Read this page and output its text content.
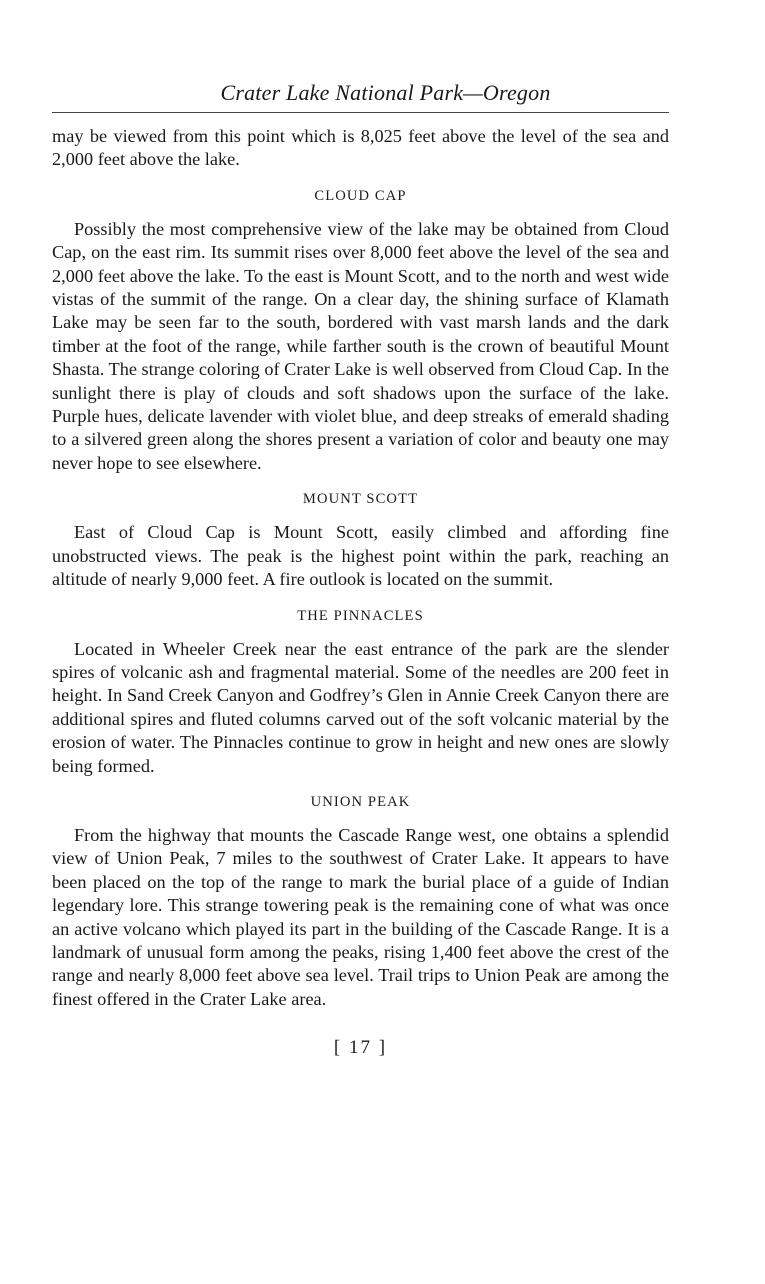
Crater Lake National Park—Oregon

may be viewed from this point which is 8,025 feet above the level of the sea and 2,000 feet above the lake.

CLOUD CAP

Possibly the most comprehensive view of the lake may be obtained from Cloud Cap, on the east rim. Its summit rises over 8,000 feet above the level of the sea and 2,000 feet above the lake. To the east is Mount Scott, and to the north and west wide vistas of the summit of the range. On a clear day, the shining surface of Klamath Lake may be seen far to the south, bordered with vast marsh lands and the dark timber at the foot of the range, while farther south is the crown of beautiful Mount Shasta. The strange coloring of Crater Lake is well observed from Cloud Cap. In the sunlight there is play of clouds and soft shadows upon the surface of the lake. Purple hues, delicate lavender with violet blue, and deep streaks of emerald shading to a silvered green along the shores present a variation of color and beauty one may never hope to see elsewhere.

MOUNT SCOTT

East of Cloud Cap is Mount Scott, easily climbed and affording fine unobstructed views. The peak is the highest point within the park, reaching an altitude of nearly 9,000 feet. A fire outlook is located on the summit.

THE PINNACLES

Located in Wheeler Creek near the east entrance of the park are the slender spires of volcanic ash and fragmental material. Some of the needles are 200 feet in height. In Sand Creek Canyon and Godfrey’s Glen in Annie Creek Canyon there are additional spires and fluted columns carved out of the soft volcanic material by the erosion of water. The Pinnacles continue to grow in height and new ones are slowly being formed.

UNION PEAK

From the highway that mounts the Cascade Range west, one obtains a splendid view of Union Peak, 7 miles to the southwest of Crater Lake. It appears to have been placed on the top of the range to mark the burial place of a guide of Indian legendary lore. This strange towering peak is the remaining cone of what was once an active volcano which played its part in the building of the Cascade Range. It is a landmark of unusual form among the peaks, rising 1,400 feet above the crest of the range and nearly 8,000 feet above sea level. Trail trips to Union Peak are among the finest offered in the Crater Lake area.

[ 17 ]
